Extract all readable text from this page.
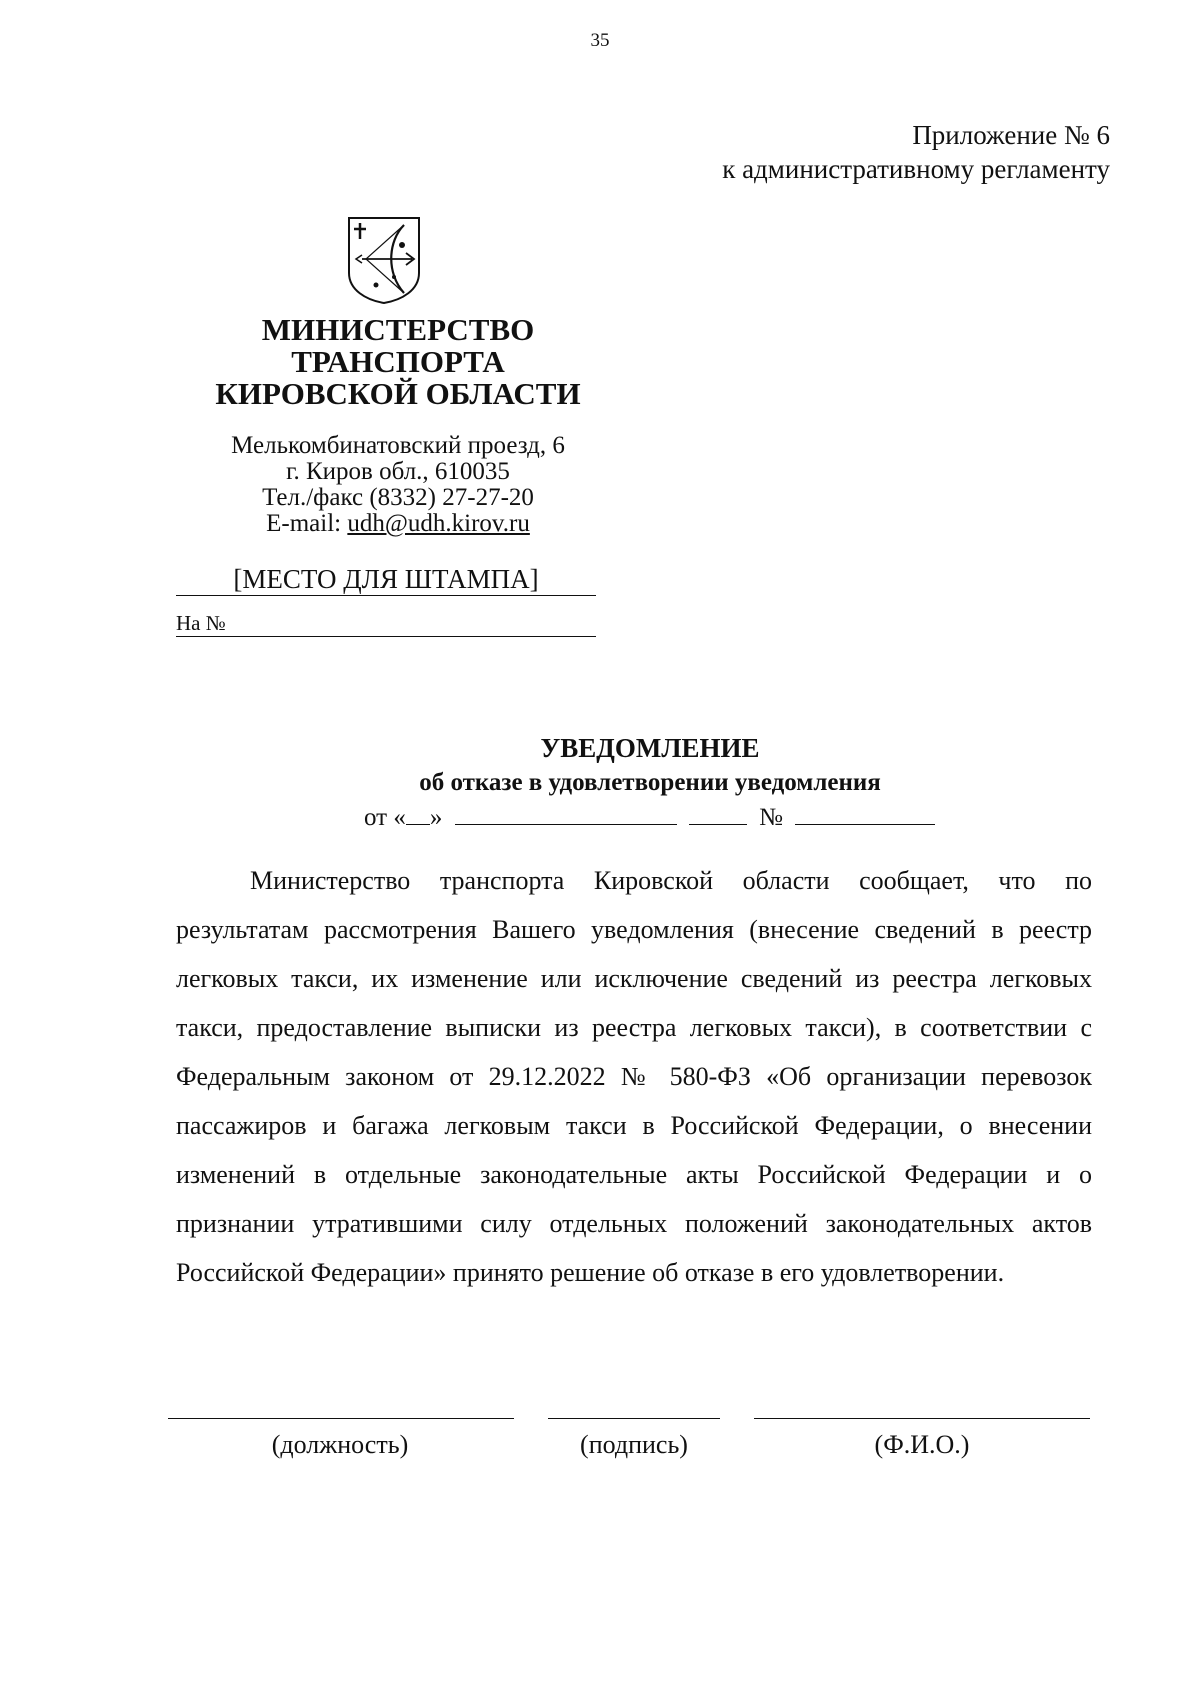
35
Приложение № 6
к административному регламенту
МИНИСТЕРСТВО
ТРАНСПОРТА
КИРОВСКОЙ ОБЛАСТИ
Мелькомбинатовский проезд, 6
г. Киров обл., 610035
Тел./факс (8332) 27-27-20
E-mail: udh@udh.kirov.ru
[МЕСТО ДЛЯ ШТАМПА]
На №
УВЕДОМЛЕНИЕ
об отказе в удовлетворении уведомления
от « »	№

Министерство транспорта Кировской области сообщает, что по результатам рассмотрения Вашего уведомления (внесение сведений в реестр легковых такси, их изменение или исключение сведений из реестра легковых такси, предоставление выписки из реестра легковых такси), в соответствии с Федеральным законом от 29.12.2022 № 580-ФЗ «Об организации перевозок пассажиров и багажа легковым такси в Российской Федерации, о внесении изменений в отдельные законодательные акты Российской Федерации и о признании утратившими силу отдельных положений законодательных актов Российской Федерации» принято решение об отказе в его удовлетворении.

(должность)	(подпись)	(Ф.И.О.)
